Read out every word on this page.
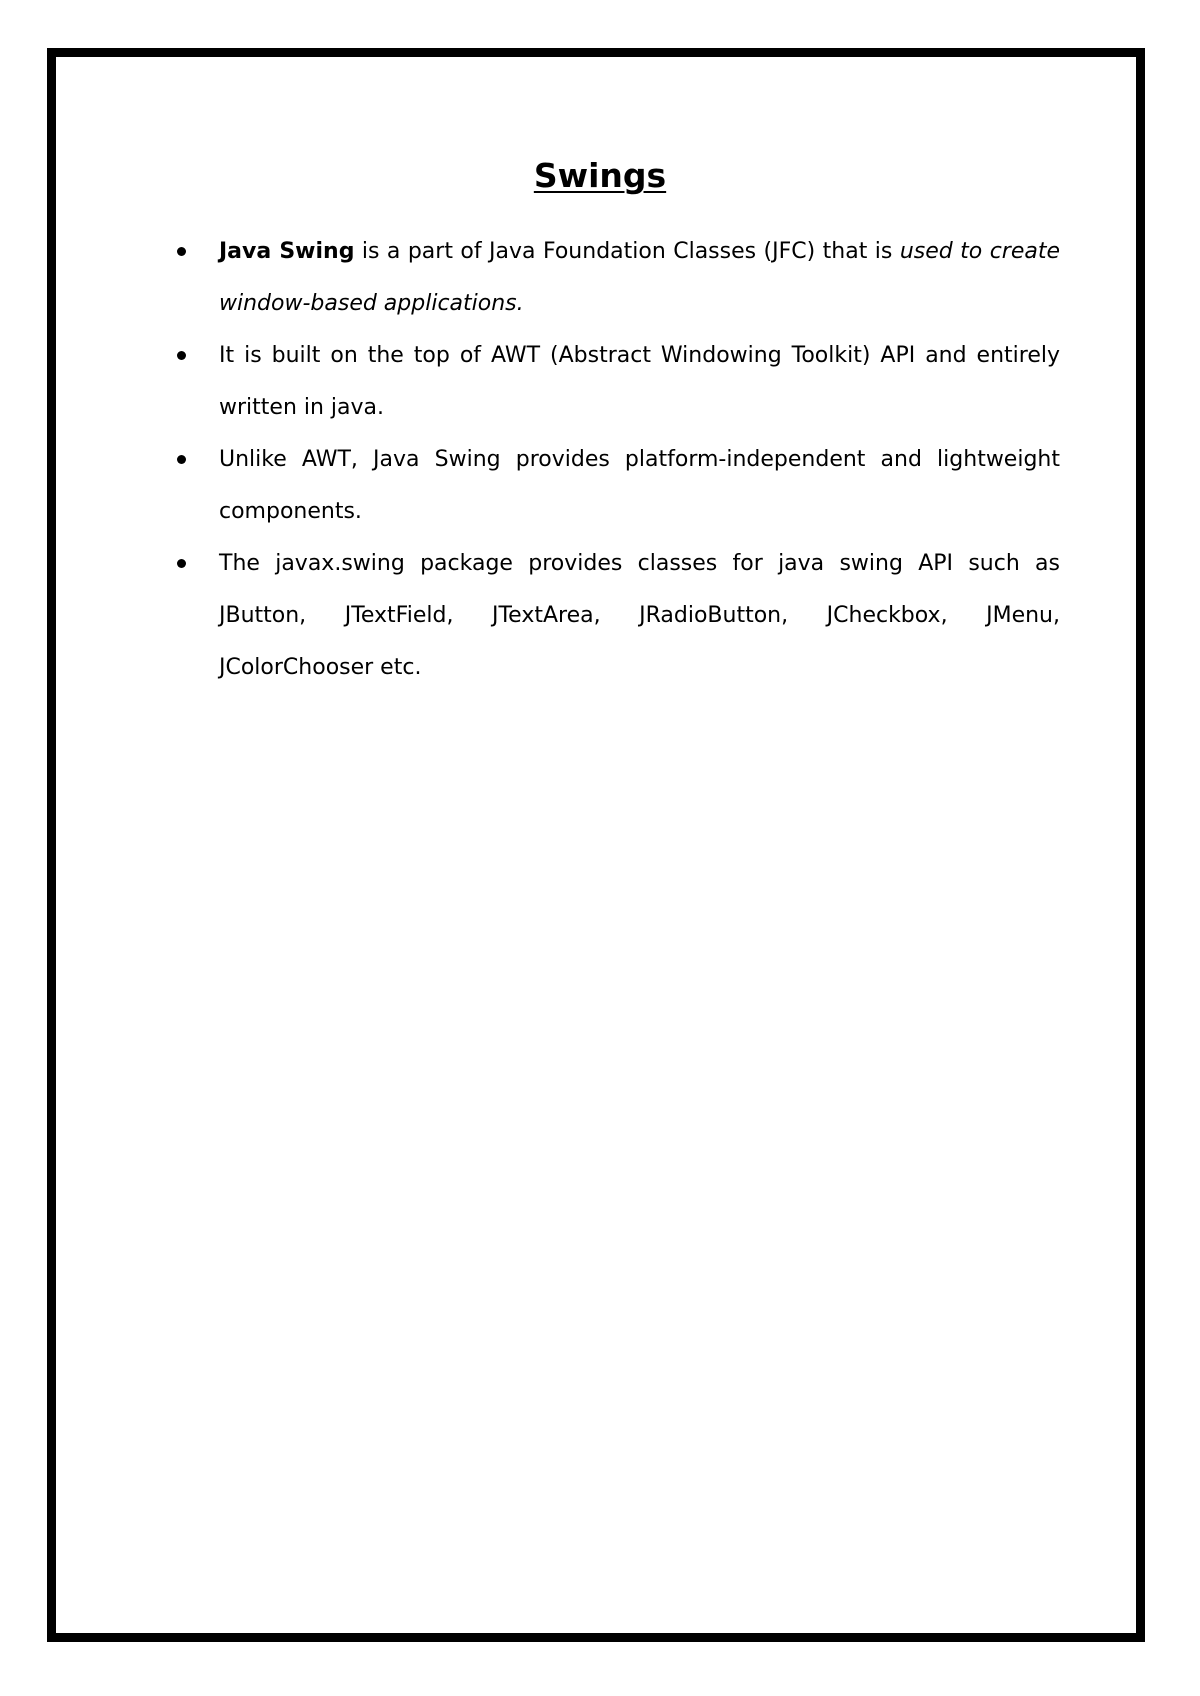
Swings
Java Swing is a part of Java Foundation Classes (JFC) that is used to create window-based applications.
It is built on the top of AWT (Abstract Windowing Toolkit) API and entirely written in java.
Unlike AWT, Java Swing provides platform-independent and lightweight components.
The javax.swing package provides classes for java swing API such as JButton, JTextField, JTextArea, JRadioButton, JCheckbox, JMenu, JColorChooser etc.
